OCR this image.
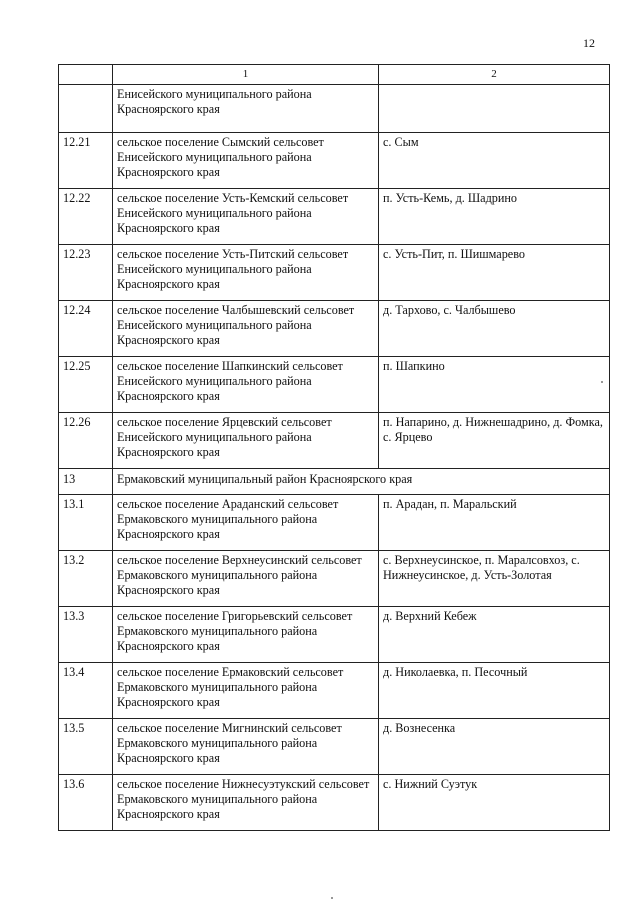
12
	1	2
	Енисейского муниципального района Красноярского края	
12.21	сельское поселение Сымский сельсовет Енисейского муниципального района Красноярского края	с. Сым
12.22	сельское поселение Усть-Кемский сельсовет Енисейского муниципального района Красноярского края	п. Усть-Кемь, д. Шадрино
12.23	сельское поселение Усть-Питский сельсовет Енисейского муниципального района Красноярского края	с. Усть-Пит, п. Шишмарево
12.24	сельское поселение Чалбышевский сельсовет Енисейского муниципального района Красноярского края	д. Тархово, с. Чалбышево
12.25	сельское поселение Шапкинский сельсовет Енисейского муниципального района Красноярского края	п. Шапкино
12.26	сельское поселение Ярцевский сельсовет Енисейского муниципального района Красноярского края	п. Напарино, д. Нижнешадрино, д. Фомка, с. Ярцево
13	Ермаковский муниципальный район Красноярского края	
13.1	сельское поселение Араданский сельсовет Ермаковского муниципального района Красноярского края	п. Арадан, п. Маральский
13.2	сельское поселение Верхнеусинский сельсовет Ермаковского муниципального района Красноярского края	с. Верхнеусинское, п. Маралсовхоз, с. Нижнеусинское, д. Усть-Золотая
13.3	сельское поселение Григорьевский сельсовет Ермаковского муниципального района Красноярского края	д. Верхний Кебеж
13.4	сельское поселение Ермаковский сельсовет Ермаковского муниципального района Красноярского края	д. Николаевка, п. Песочный
13.5	сельское поселение Мигнинский сельсовет Ермаковского муниципального района Красноярского края	д. Вознесенка
13.6	сельское поселение Нижнесуэтукский сельсовет Ермаковского муниципального района Красноярского края	с. Нижний Суэтук
